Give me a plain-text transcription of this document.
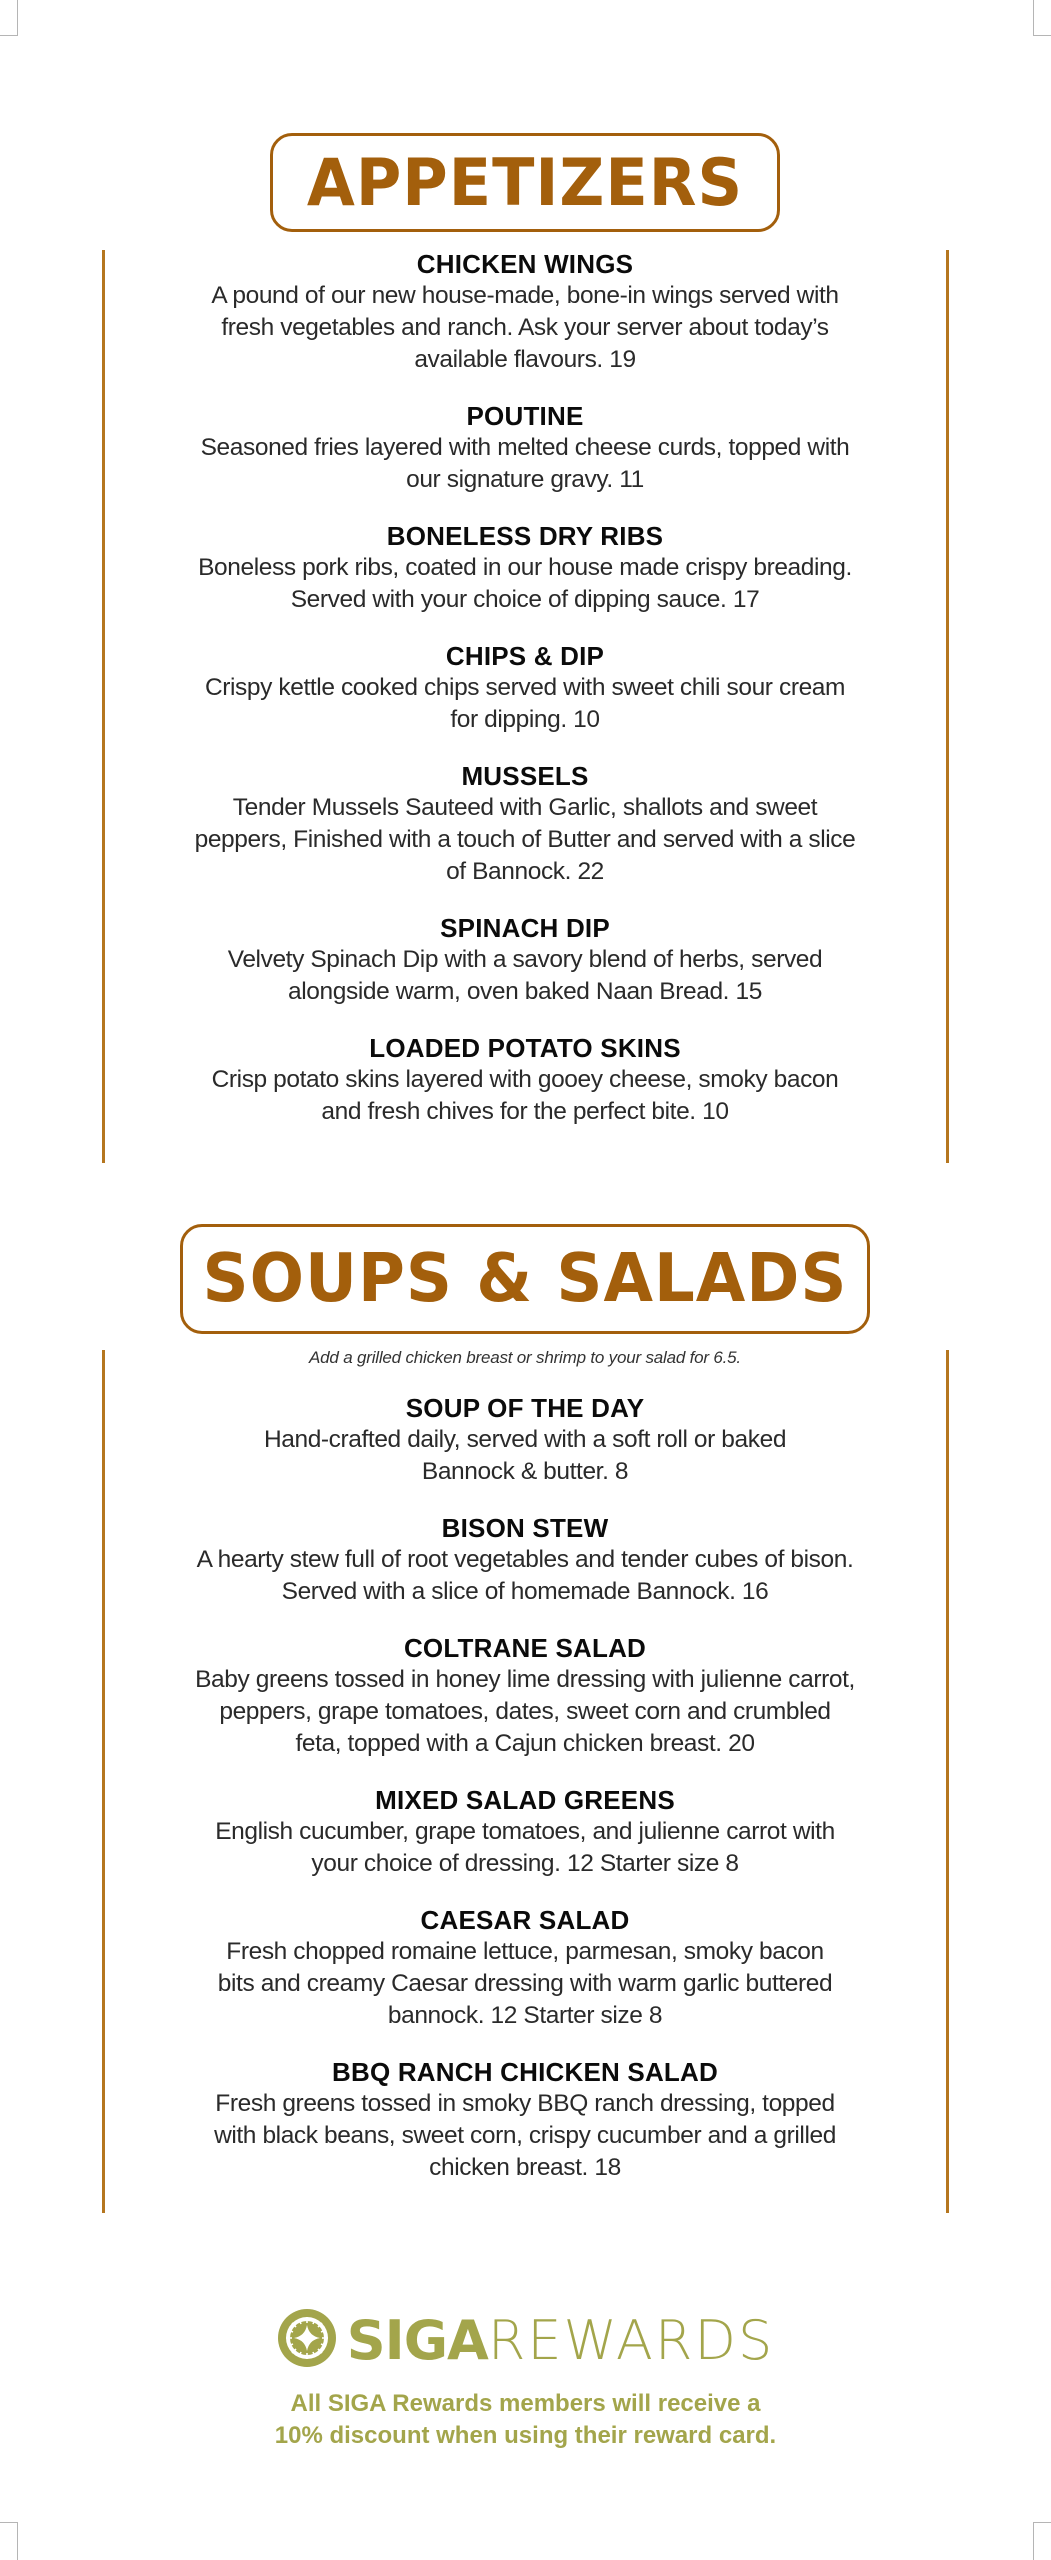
APPETIZERS
CHICKEN WINGS
A pound of our new house-made, bone-in wings served with
fresh vegetables and ranch. Ask your server about today’s
available flavours. 19
POUTINE
Seasoned fries layered with melted cheese curds, topped with
our signature gravy. 11
BONELESS DRY RIBS
Boneless pork ribs, coated in our house made crispy breading.
Served with your choice of dipping sauce. 17
CHIPS & DIP
Crispy kettle cooked chips served with sweet chili sour cream
for dipping. 10
MUSSELS
Tender Mussels Sauteed with Garlic, shallots and sweet
peppers, Finished with a touch of Butter and served with a slice
of Bannock. 22
SPINACH DIP
Velvety Spinach Dip with a savory blend of herbs, served
alongside warm, oven baked Naan Bread. 15
LOADED POTATO SKINS
Crisp potato skins layered with gooey cheese, smoky bacon
and fresh chives for the perfect bite. 10
SOUPS & SALADS
Add a grilled chicken breast or shrimp to your salad for 6.5.
SOUP OF THE DAY
Hand-crafted daily, served with a soft roll or baked
Bannock & butter. 8
BISON STEW
A hearty stew full of root vegetables and tender cubes of bison.
Served with a slice of homemade Bannock. 16
COLTRANE SALAD
Baby greens tossed in honey lime dressing with julienne carrot,
peppers, grape tomatoes, dates, sweet corn and crumbled
feta, topped with a Cajun chicken breast. 20
MIXED SALAD GREENS
English cucumber, grape tomatoes, and julienne carrot with
your choice of dressing. 12 Starter size 8
CAESAR SALAD
Fresh chopped romaine lettuce, parmesan, smoky bacon
bits and creamy Caesar dressing with warm garlic buttered
bannock. 12 Starter size 8
BBQ RANCH CHICKEN SALAD
Fresh greens tossed in smoky BBQ ranch dressing, topped
with black beans, sweet corn, crispy cucumber and a grilled
chicken breast. 18
SIGA REWARDS
All SIGA Rewards members will receive a
10% discount when using their reward card.
